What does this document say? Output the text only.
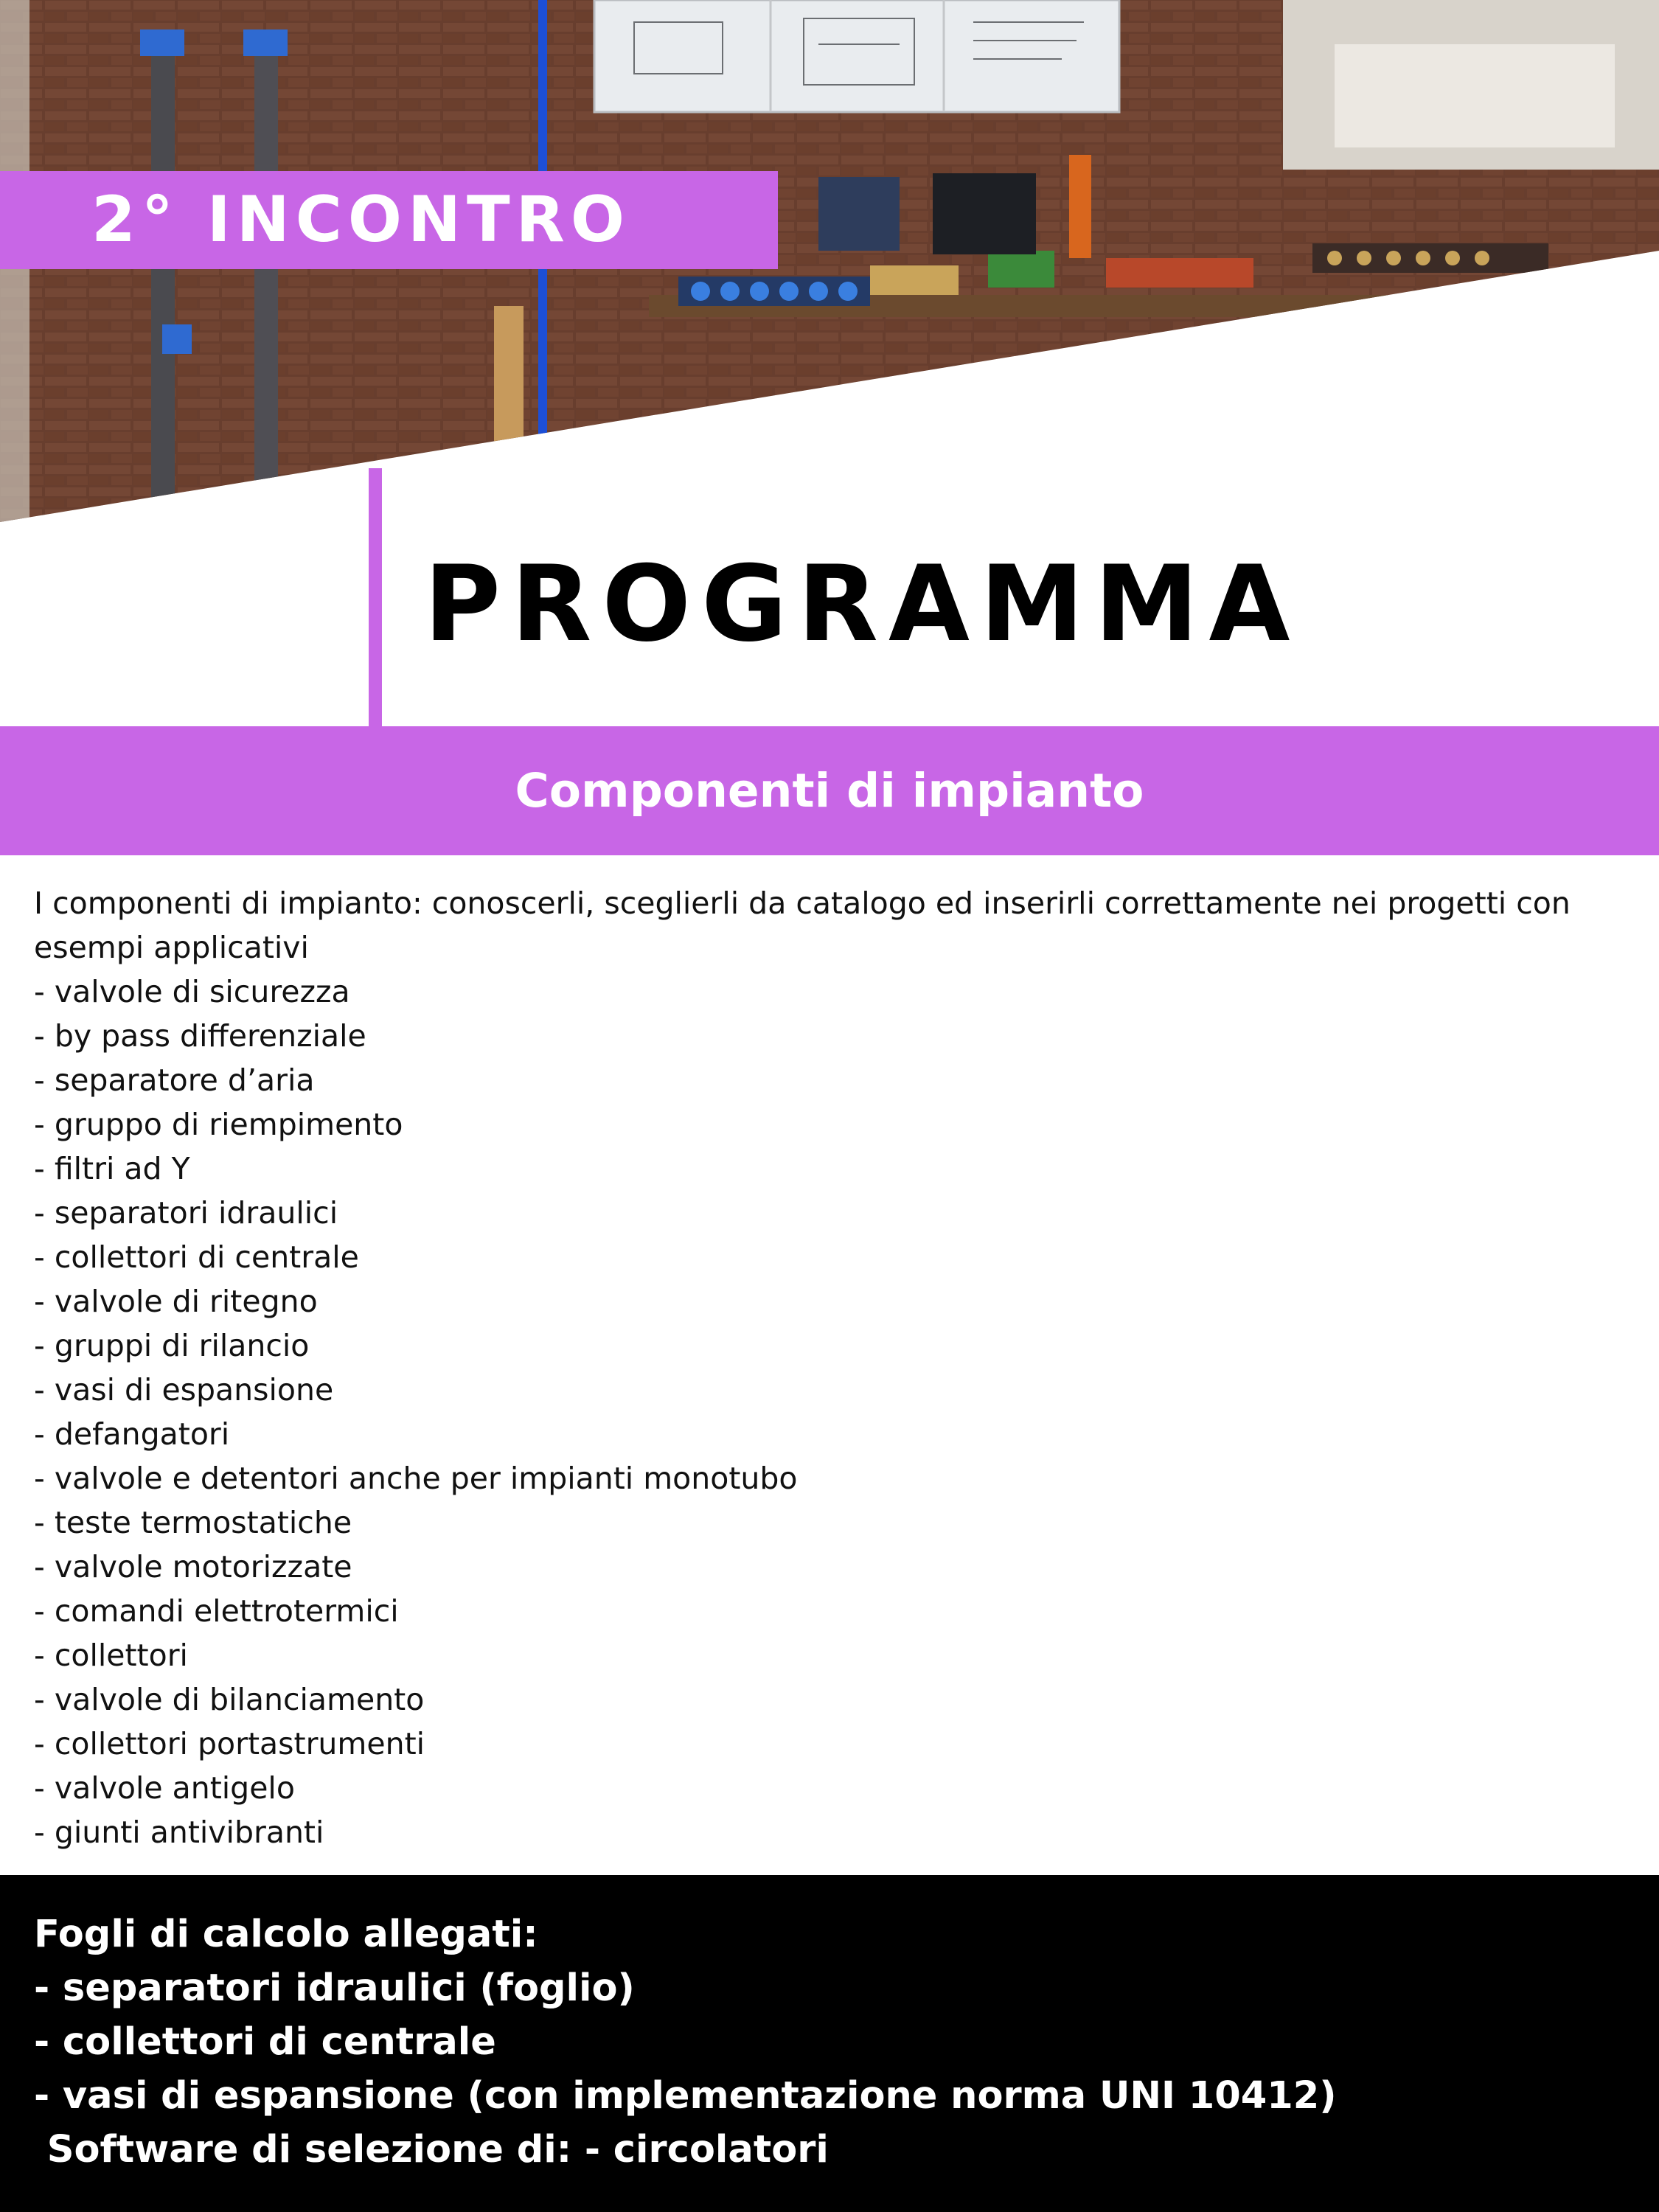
2° INCONTRO
PROGRAMMA
Componenti di impianto

I componenti di impianto: conoscerli, sceglierli da catalogo ed inserirli correttamente nei progetti con esempi applicativi

- valvole di sicurezza
- by pass differenziale
- separatore d’aria
- gruppo di riempimento
- filtri ad Y
- separatori idraulici
- collettori di centrale
- valvole di ritegno
- gruppi di rilancio
- vasi di espansione
- defangatori
- valvole e detentori anche per impianti monotubo
- teste termostatiche
- valvole motorizzate
- comandi elettrotermici
- collettori
- valvole di bilanciamento
- collettori portastrumenti
- valvole antigelo
- giunti antivibranti
Fogli di calcolo allegati:
- separatori idraulici (foglio)
- collettori di centrale
- vasi di espansione (con implementazione norma UNI 10412)
Software di selezione di: - circolatori
